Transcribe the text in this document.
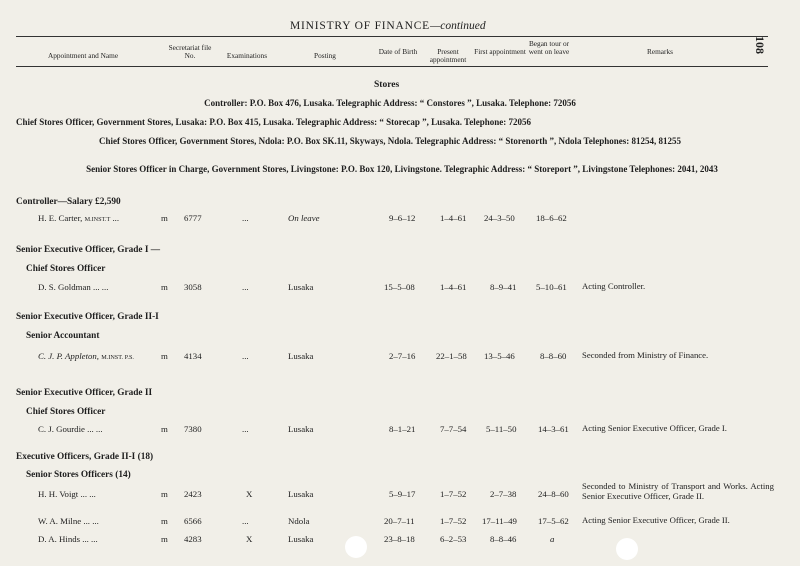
MINISTRY OF FINANCE—continued
108
Appointment and Name
Secretariat file No.	Examinations	Posting	Date of Birth	Present appointment
First appointment
Began tour or went on leave	Remarks
Stores
Controller: P.O. Box 476, Lusaka. Telegraphic Address: “ Constores ”, Lusaka. Telephone: 72056
Chief Stores Officer, Government Stores, Lusaka: P.O. Box 415, Lusaka. Telegraphic Address: “ Storecap ”, Lusaka. Telephone: 72056
Chief Stores Officer, Government Stores, Ndola: P.O. Box SK.11, Skyways, Ndola. Telegraphic Address: “ Storenorth ”, Ndola Telephones: 81254, 81255
Senior Stores Officer in Charge, Government Stores, Livingstone: P.O. Box 120, Livingstone. Telegraphic Address: “ Storeport ”, Livingstone Telephones: 2041, 2043
Controller—Salary £2,590
Senior Executive Officer, Grade I —
Chief Stores Officer
Senior Executive Officer, Grade II-I
Senior Accountant
Senior Executive Officer, Grade II
Chief Stores Officer
Executive Officers, Grade II-I (18)
Senior Stores Officers (14)
H. E. Carter, M.INST.T ...	m 6777	...	On leave	9–6–12	1–4–61 24–3–50 18–6–62
D. S. Goldman ... ...	m 3058	...	Lusaka	15–5–08	1–4–61	8–9–41 5–10–61 Acting Controller.
C. J. P. Appleton, M.INST. P.S.	m 4134	...	Lusaka	2–7–16 22–1–58 13–5–46	8–8–60 Seconded from Ministry of Finance.
C. J. Gourdie ... ...	m 7380	...	Lusaka	8–1–21	7–7–54 5–11–50 14–3–61 Acting Senior Executive Officer, Grade I.
H. H. Voigt ... ...	m 2423	X	Lusaka	5–9–17	1–7–52	2–7–38 24–8–60
Seconded to Ministry of Transport and Works. Acting Senior Executive Officer, Grade II.
W. A. Milne ... ...	m 6566	...	Ndola	20–7–11	1–7–52 17–11–49 17–5–62 Acting Senior Executive Officer, Grade II.
D. A. Hinds ... ...	m 4283	X	Lusaka	23–8–18	6–2–53	8–8–46	a
